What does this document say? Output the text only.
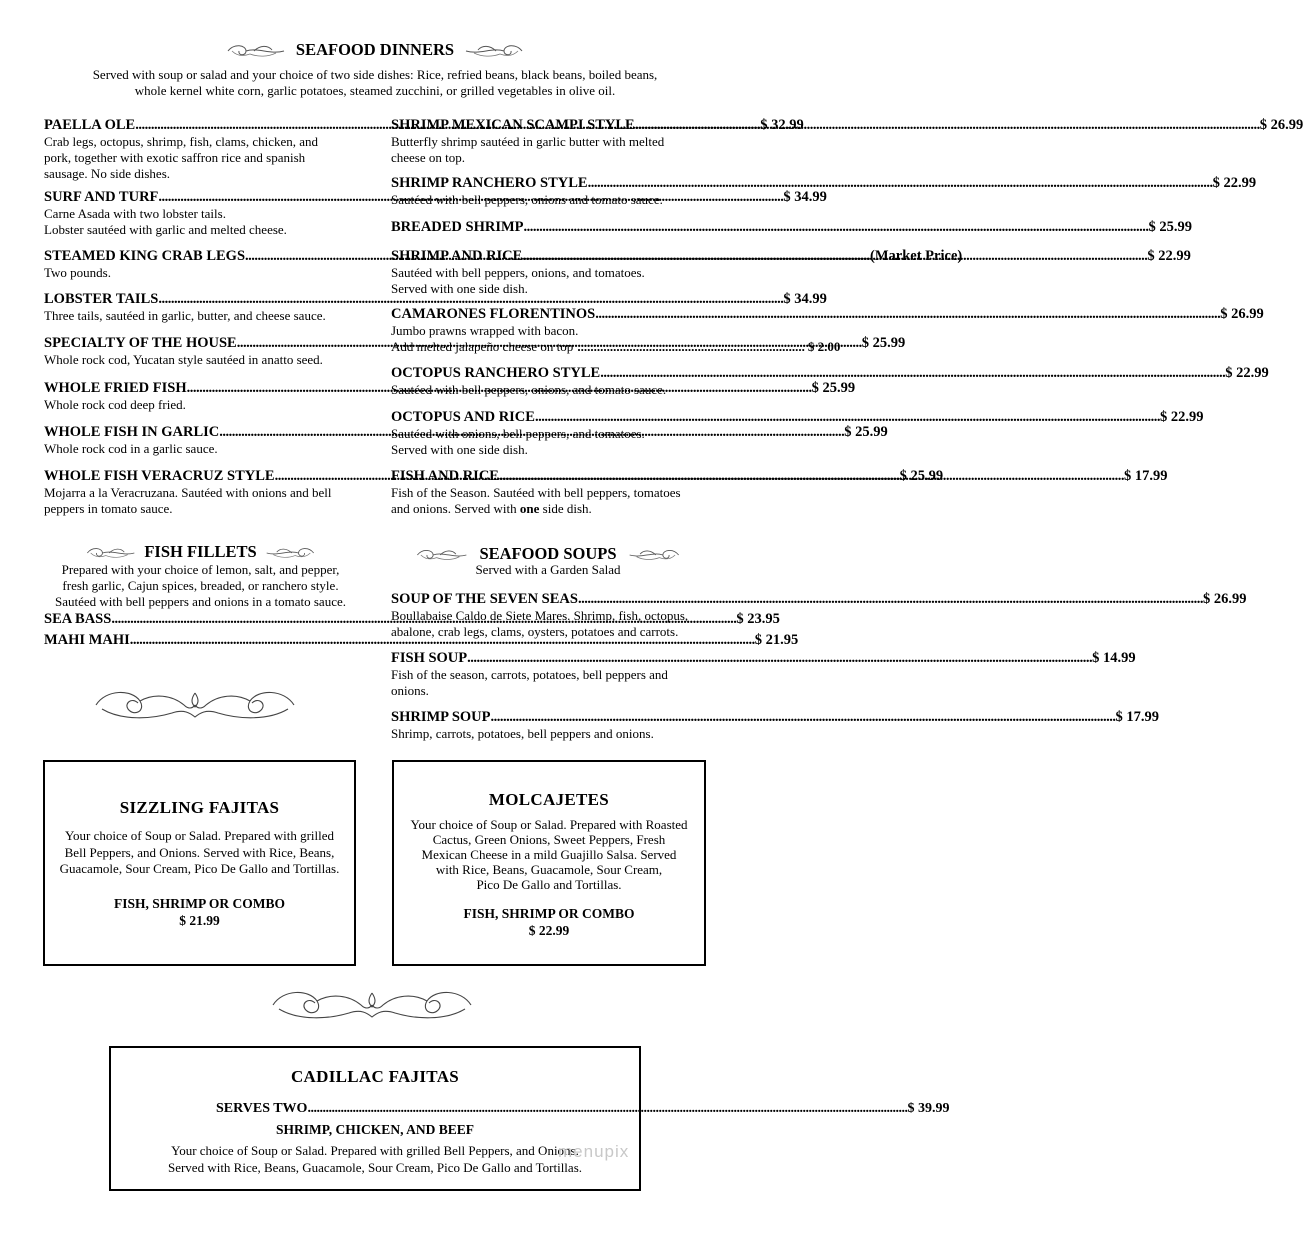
SEAFOOD DINNERS
Served with soup or salad and your choice of two side dishes: Rice, refried beans, black beans, boiled beans,
whole kernel white corn, garlic potatoes, steamed zucchini, or grilled vegetables in olive oil.
PAELLA OLE .....	$ 32.99
Crab legs, octopus, shrimp, fish, clams, chicken, and
pork, together with exotic saffron rice and spanish
sausage. No side dishes.
SURF AND TURF .....	$ 34.99
Carne Asada with two lobster tails.
Lobster sautéed with garlic and melted cheese.
STEAMED KING CRAB LEGS .....	(Market Price)
Two pounds.
LOBSTER TAILS .....	$ 34.99
Three tails, sautéed in garlic, butter, and cheese sauce.
SPECIALTY OF THE HOUSE .....	$ 25.99
Whole rock cod, Yucatan style sautéed in anatto seed.
WHOLE FRIED FISH .....	$ 25.99
Whole rock cod deep fried.
WHOLE FISH IN GARLIC .....	$ 25.99
Whole rock cod in a garlic sauce.
WHOLE FISH VERACRUZ STYLE .....	$ 25.99
Mojarra a la Veracruzana. Sautéed with onions and bell
peppers in tomato sauce.
SHRIMP MEXICAN SCAMPI STYLE .....	$ 26.99
Butterfly shrimp sautéed in garlic butter with melted
cheese on top.
SHRIMP RANCHERO STYLE .....	$ 22.99
Sautéed with bell peppers, onions and tomato sauce.
BREADED SHRIMP .....	$ 25.99
SHRIMP AND RICE .....	$ 22.99
Sautéed with bell peppers, onions, and tomatoes.
Served with one side dish.
CAMARONES FLORENTINOS .....	$ 26.99
Jumbo prawns wrapped with bacon.
Add melted jalapeño cheese on top ...................................................................... $ 2.00
OCTOPUS RANCHERO STYLE .....	$ 22.99
Sautéed with bell peppers, onions, and tomato sauce.
OCTOPUS AND RICE .....	$ 22.99
Sautéed with onions, bell peppers, and tomatoes.
Served with one side dish.
FISH AND RICE .....	$ 17.99
Fish of the Season. Sautéed with bell peppers, tomatoes
and onions. Served with one side dish.
FISH FILLETS
Prepared with your choice of lemon, salt, and pepper,
fresh garlic, Cajun spices, breaded, or ranchero style.
Sautéed with bell peppers and onions in a tomato sauce.
SEA BASS .....	$ 23.95
MAHI MAHI .....	$ 21.95
SEAFOOD SOUPS
Served with a Garden Salad
SOUP OF THE SEVEN SEAS .....	$ 26.99
Boullabaise Caldo de Siete Mares. Shrimp, fish, octopus,
abalone, crab legs, clams, oysters, potatoes and carrots.
FISH SOUP .....	$ 14.99
Fish of the season, carrots, potatoes, bell peppers and
onions.
SHRIMP SOUP .....	$ 17.99
Shrimp, carrots, potatoes, bell peppers and onions.
SIZZLING FAJITAS
Your choice of Soup or Salad. Prepared with grilled
Bell Peppers, and Onions. Served with Rice, Beans,
Guacamole, Sour Cream, Pico De Gallo and Tortillas.
FISH, SHRIMP OR COMBO
$ 21.99
MOLCAJETES
Your choice of Soup or Salad. Prepared with Roasted
Cactus, Green Onions, Sweet Peppers, Fresh
Mexican Cheese in a mild Guajillo Salsa. Served
with Rice, Beans, Guacamole, Sour Cream,
Pico De Gallo and Tortillas.
FISH, SHRIMP OR COMBO
$ 22.99
CADILLAC FAJITAS
SERVES TWO .....	$ 39.99
SHRIMP, CHICKEN, AND BEEF
Your choice of Soup or Salad. Prepared with grilled Bell Peppers, and Onions.
Served with Rice, Beans, Guacamole, Sour Cream, Pico De Gallo and Tortillas.
menupix
